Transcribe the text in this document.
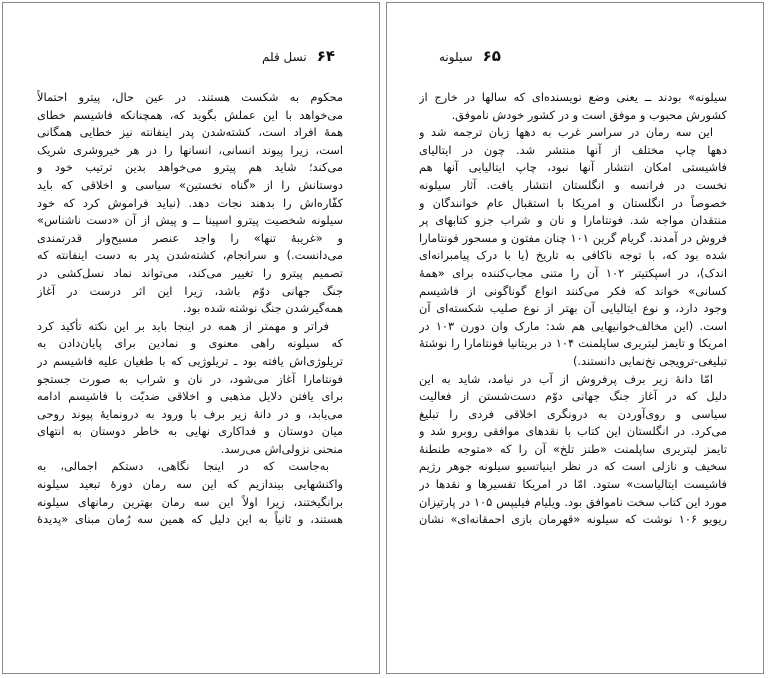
۶۴
نسل قلم
محکوم به شکست هستند. در عین حال، پیترو احتمالاً
می‌خواهد با این عملش بگوید که، همچنانکه فاشیسم خطای
همهٔ افراد است، کشته‌شدن پدر اینفانته نیز خطایی همگانی
است، زیرا پیوند انسانی، انسانها را در هر خیروشری شریک
می‌کند؛ شاید هم پیترو می‌خواهد بدین ترتیب خود و
دوستانش را از «گناه نخستین» سیاسی و اخلاقی که باید
کفّاره‌اش را بدهند نجات دهد. (نباید فراموش کرد که خود
سیلونه شخصیت پیترو اسپینا ــ و پیش از آن «دست ناشناس»
و «غریبهٔ تنها» را واجد عنصر مسیح‌وار قدرتمندی
می‌دانست.) و سرانجام، کشته‌شدن پدر به دست اینفانته که
تصمیم پیترو را تغییر می‌کند، می‌تواند نماد نسل‌کشی در
جنگ جهانی دوّم باشد، زیرا این اثر درست در آغاز
همه‌گیرشدن جنگ نوشته شده بود.
فراتر و مهمتر از همه در اینجا باید بر این نکته تأکید کرد
که سیلونه راهی معنوی و نمادین برای پایان‌دادن به
تریلوژی‌اش یافته بود ـ تریلوژیی که با طغیان علیه فاشیسم در
فونتامارا آغاز می‌شود، در نان و شراب به صورت جستجو
برای یافتن دلایل مذهبی و اخلاقی ضدیّت با فاشیسم ادامه
می‌یابد، و در دانهٔ زیر برف با ورود به درونمایهٔ پیوند روحی
میان دوستان و فداکاری نهایی به خاطر دوستان به انتهای
منحنی نزولی‌اش می‌رسد.
به‌جاست که در اینجا نگاهی، دستکم اجمالی، به
واکنشهایی بیندازیم که این سه رمان دورهٔ تبعید سیلونه
برانگیختند، زیرا اولاً این سه رمان بهترین رمانهای سیلونه
هستند، و ثانیاً به این دلیل که همین سه رُمان مبنای «پدیدهٔ
سیلونه ۶۵
سیلونه» بودند ــ یعنی وضع نویسنده‌ای که سالها در خارج از
کشورش محبوب و موفق است و در کشور خودش ناموفق.
این سه رمان در سراسر غرب به دهها زبان ترجمه شد و
دهها چاپ مختلف از آنها منتشر شد. چون در ایتالیای
فاشیستی امکان انتشار آنها نبود، چاپ ایتالیایی آنها هم
نخست در فرانسه و انگلستان انتشار یافت. آثار سیلونه
خصوصاً در انگلستان و امریکا با استقبال عام خوانندگان و
منتقدان مواجه شد. فونتامارا و نان و شراب جزو کتابهای پر
فروش در آمدند. گریام گرین ۱۰۱ چنان مفتون و مسحور فونتامارا
شده بود که، با توجه ناکافی به تاریخ (یا با درک پیامبرانه‌ای
اندک)، در اسپکتیتر ۱۰۲ آن را متنی مجاب‌کننده برای «همهٔ
کسانی» خواند که فکر می‌کنند انواع گوناگونی از فاشیسم
وجود دارد، و نوع ایتالیایی آن بهتر از نوع صلیب شکسته‌ای آن
است. (این مخالف‌خوانیهایی هم شد: مارک وان دورن ۱۰۳ در
امریکا و تایمز لیتریری ساپلمنت ۱۰۴ در بریتانیا فونتامارا را نوشتهٔ
تبلیغی-ترویجی نخ‌نمایی دانستند.)
امّا دانهٔ زیر برف پرفروش از آب در نیامد، شاید به این
دلیل که در آغاز جنگ جهانی دوّم دست‌شستن از فعالیت
سیاسی و روی‌آوردن به درونگری اخلاقی فردی را تبلیغ
می‌کرد. در انگلستان این کتاب با نقدهای موافقی روبرو شد و
تایمز لیتریری ساپلمنت «طنز تلخ» آن را که «متوجه طنطنهٔ
سخیف و نازلی است که در نظر اینیاتسیو سیلونه جوهر رژیم
فاشیست ایتالیاست» ستود. امّا در امریکا تفسیرها و نقدها در
مورد این کتاب سخت ناموافق بود. ویلیام فیلیپس ۱۰۵ در پارتیزان
ریویو ۱۰۶ نوشت که سیلونه «قهرمان بازی احمقانه‌ای» نشان
